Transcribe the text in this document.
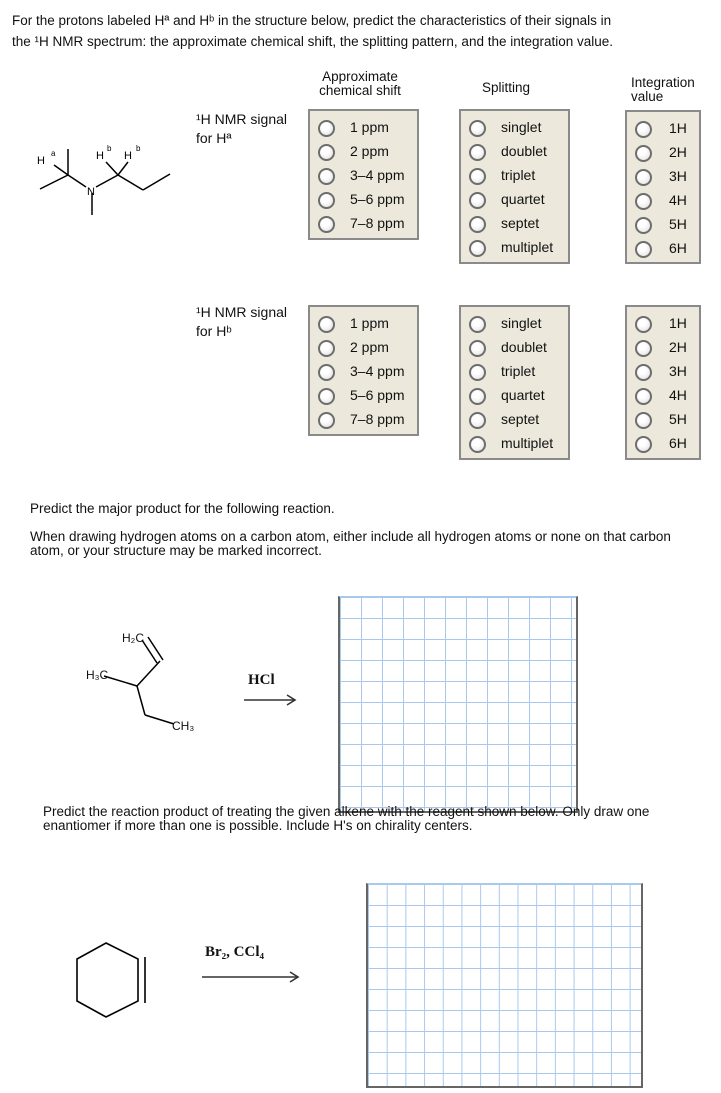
For the protons labeled Hª and Hᵇ in the structure below, predict the characteristics of their signals in
the ¹H NMR spectrum: the approximate chemical shift, the splitting pattern, and the integration value.
Approximate chemical shift	Splitting	Integration value
H
a	H
b
H
b
N
¹H NMR signal for Hª
¹H NMR signal for Hᵇ
1 ppm
2 ppm
3–4 ppm
5–6 ppm
7–8 ppm
singlet
doublet
triplet
quartet
septet
multiplet
1H
2H
3H
4H
5H
6H
1 ppm
2 ppm
3–4 ppm
5–6 ppm
7–8 ppm
singlet
doublet
triplet
quartet
septet
multiplet
1H
2H
3H
4H
5H
6H
Predict the major product for the following reaction.
When drawing hydrogen atoms on a carbon atom, either include all hydrogen atoms or none on that carbon atom, or your structure may be marked incorrect.
H₂C
H₃C
CH₃
HCl
Predict the reaction product of treating the given alkene with the reagent shown below. Only draw one enantiomer if more than one is possible. Include H's on chirality centers.
Br₂, CCl₄
